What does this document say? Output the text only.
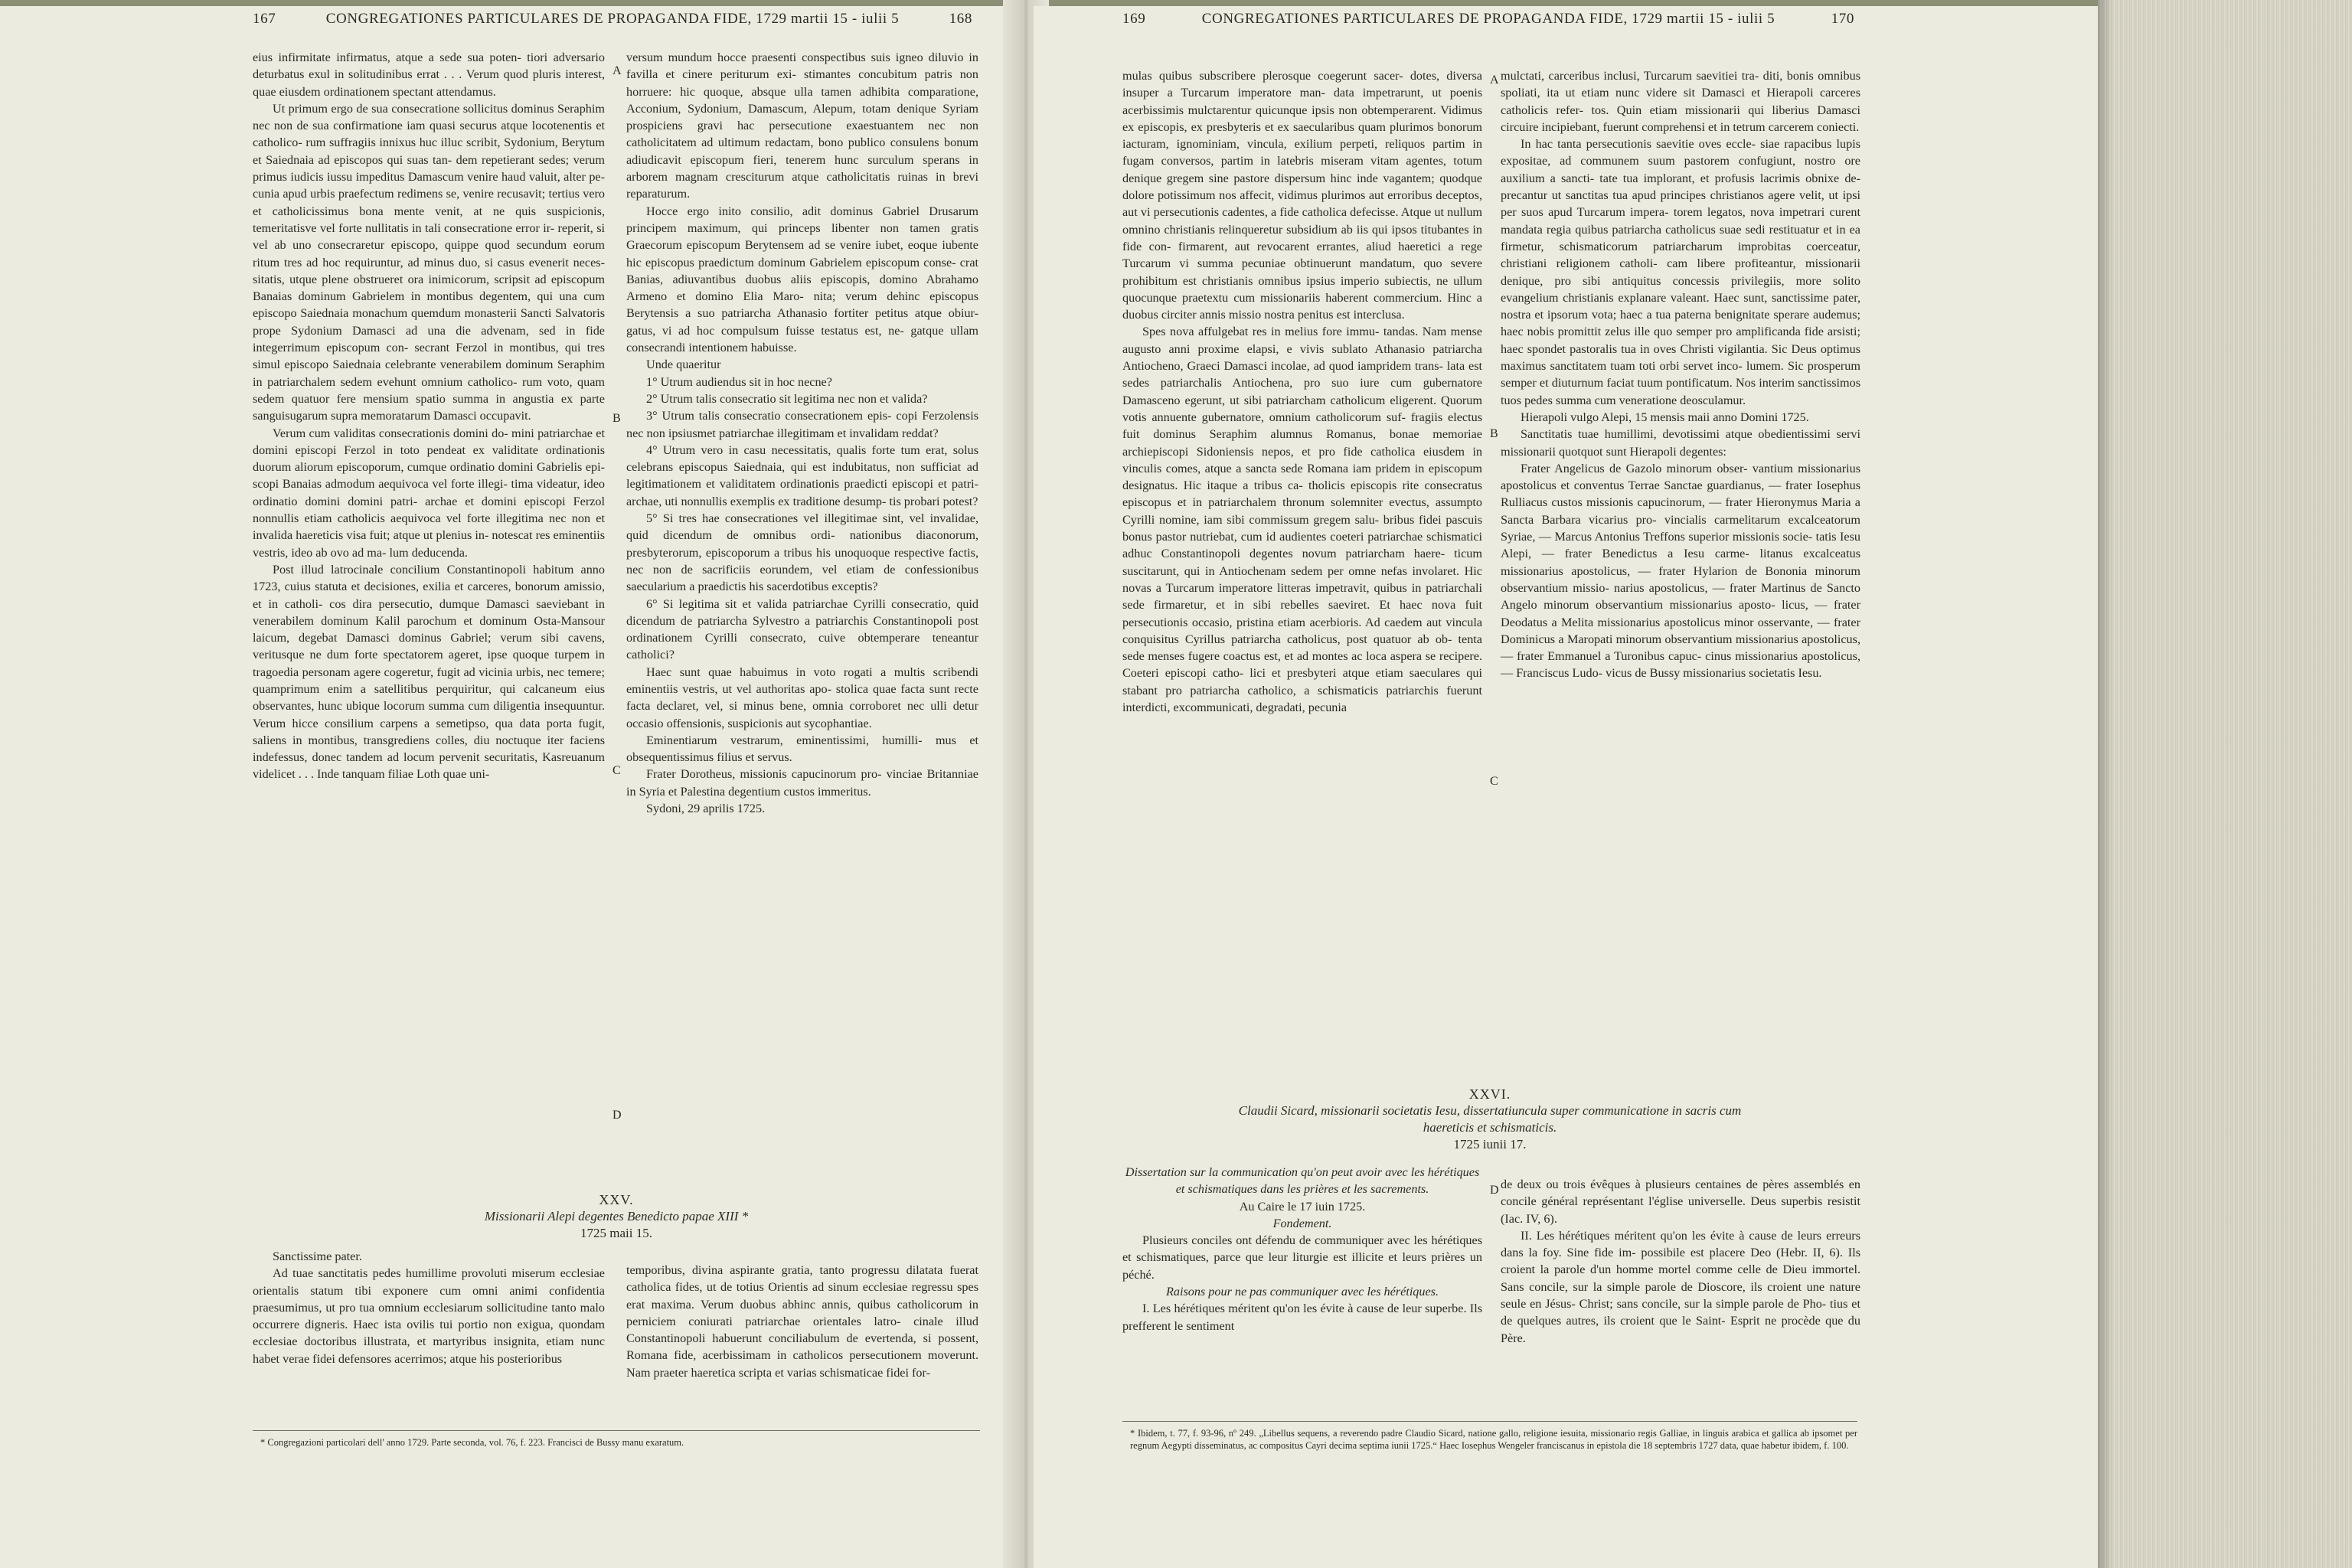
167	CONGREGATIONES PARTICULARES DE PROPAGANDA FIDE, 1729 martii 15 - iulii 5	168

eius infirmitate infirmatus, atque a sede sua poten- tiori adversario deturbatus exul in solitudinibus errat . . . Verum quod pluris interest, quae eiusdem ordinationem spectant attendamus.

Ut primum ergo de sua consecratione sollicitus dominus Seraphim nec non de sua confirmatione iam quasi securus atque locotenentis et catholico- rum suffragiis innixus huc illuc scribit, Sydonium, Berytum et Saiednaia ad episcopos qui suas tan- dem repetierant sedes; verum primus iudicis iussu impeditus Damascum venire haud valuit, alter pe- cunia apud urbis praefectum redimens se, venire recusavit; tertius vero et catholicissimus bona mente venit, at ne quis suspicionis, temeritatisve vel forte nullitatis in tali consecratione error ir- reperit, si vel ab uno consecraretur episcopo, quippe quod secundum eorum ritum tres ad hoc requiruntur, ad minus duo, si casus evenerit neces- sitatis, utque plene obstrueret ora inimicorum, scripsit ad episcopum Banaias dominum Gabrielem in montibus degentem, qui una cum episcopo Saiednaia monachum quemdum monasterii Sancti Salvatoris prope Sydonium Damasci ad una die advenam, sed in fide integerrimum episcopum con- secrant Ferzol in montibus, qui tres simul episcopo Saiednaia celebrante venerabilem dominum Seraphim in patriarchalem sedem evehunt omnium catholico- rum voto, quam sedem quatuor fere mensium spatio summa in angustia ex parte sanguisugarum supra memoratarum Damasci occupavit.

Verum cum validitas consecrationis domini do- mini patriarchae et domini episcopi Ferzol in toto pendeat ex validitate ordinationis duorum aliorum episcoporum, cumque ordinatio domini Gabrielis epi- scopi Banaias admodum aequivoca vel forte illegi- tima videatur, ideo ordinatio domini domini patri- archae et domini episcopi Ferzol nonnullis etiam catholicis aequivoca vel forte illegitima nec non et invalida haereticis visa fuit; atque ut plenius in- notescat res eminentiis vestris, ideo ab ovo ad ma- lum deducenda.

Post illud latrocinale concilium Constantinopoli habitum anno 1723, cuius statuta et decisiones, exilia et carceres, bonorum amissio, et in catholi- cos dira persecutio, dumque Damasci saeviebant in venerabilem dominum Kalil parochum et dominum Osta-Mansour laicum, degebat Damasci dominus Gabriel; verum sibi cavens, veritusque ne dum forte spectatorem ageret, ipse quoque turpem in tragoedia personam agere cogeretur, fugit ad vicinia urbis, nec temere; quamprimum enim a satellitibus perquiritur, qui calcaneum eius observantes, hunc ubique locorum summa cum diligentia insequuntur. Verum hicce consilium carpens a semetipso, qua data porta fugit, saliens in montibus, transgrediens colles, diu noctuque iter faciens indefessus, donec tandem ad locum pervenit securitatis, Kasreuanum videlicet . . . Inde tanquam filiae Loth quae uni-

A
B
C
D

versum mundum hocce praesenti conspectibus suis igneo diluvio in favilla et cinere periturum exi- stimantes concubitum patris non horruere: hic quoque, absque ulla tamen adhibita comparatione, Acconium, Sydonium, Damascum, Alepum, totam denique Syriam prospiciens gravi hac persecutione exaestuantem nec non catholicitatem ad ultimum redactam, bono publico consulens bonum adiudicavit episcopum fieri, tenerem hunc surculum sperans in arborem magnam cresciturum atque catholicitatis ruinas in brevi reparaturum.

Hocce ergo inito consilio, adit dominus Gabriel Drusarum principem maximum, qui princeps libenter non tamen gratis Graecorum episcopum Berytensem ad se venire iubet, eoque iubente hic episcopus praedictum dominum Gabrielem episcopum conse- crat Banias, adiuvantibus duobus aliis episcopis, domino Abrahamo Armeno et domino Elia Maro- nita; verum dehinc episcopus Berytensis a suo patriarcha Athanasio fortiter petitus atque obiur- gatus, vi ad hoc compulsum fuisse testatus est, ne- gatque ullam consecrandi intentionem habuisse.

Unde quaeritur

1° Utrum audiendus sit in hoc necne?

2° Utrum talis consecratio sit legitima nec non et valida?

3° Utrum talis consecratio consecrationem epis- copi Ferzolensis nec non ipsiusmet patriarchae illegitimam et invalidam reddat?

4° Utrum vero in casu necessitatis, qualis forte tum erat, solus celebrans episcopus Saiednaia, qui est indubitatus, non sufficiat ad legitimationem et validitatem ordinationis praedicti episcopi et patri- archae, uti nonnullis exemplis ex traditione desump- tis probari potest?

5° Si tres hae consecrationes vel illegitimae sint, vel invalidae, quid dicendum de omnibus ordi- nationibus diaconorum, presbyterorum, episcoporum a tribus his unoquoque respective factis, nec non de sacrificiis eorundem, vel etiam de confessionibus saecularium a praedictis his sacerdotibus exceptis?

6° Si legitima sit et valida patriarchae Cyrilli consecratio, quid dicendum de patriarcha Sylvestro a patriarchis Constantinopoli post ordinationem Cyrilli consecrato, cuive obtemperare teneantur catholici?

Haec sunt quae habuimus in voto rogati a multis scribendi eminentiis vestris, ut vel authoritas apo- stolica quae facta sunt recte facta declaret, vel, si minus bene, omnia corroboret nec ulli detur occasio offensionis, suspicionis aut sycophantiae.

Eminentiarum vestrarum, eminentissimi, humilli- mus et obsequentissimus filius et servus.

Frater Dorotheus, missionis capucinorum pro- vinciae Britanniae in Syria et Palestina degentium custos immeritus.

Sydoni, 29 aprilis 1725.

XXV.
Missionarii Alepi degentes Benedicto papae XIII *
1725 maii 15.

Sanctissime pater.

Ad tuae sanctitatis pedes humillime provoluti miserum ecclesiae orientalis statum tibi exponere cum omni animi confidentia praesumimus, ut pro tua omnium ecclesiarum sollicitudine tanto malo occurrere digneris. Haec ista ovilis tui portio non exigua, quondam ecclesiae doctoribus illustrata, et martyribus insignita, etiam nunc habet verae fidei defensores acerrimos; atque his posterioribus

temporibus, divina aspirante gratia, tanto progressu dilatata fuerat catholica fides, ut de totius Orientis ad sinum ecclesiae regressu spes erat maxima. Verum duobus abhinc annis, quibus catholicorum in perniciem coniurati patriarchae orientales latro- cinale illud Constantinopoli habuerunt conciliabulum de evertenda, si possent, Romana fide, acerbissimam in catholicos persecutionem moverunt. Nam praeter haeretica scripta et varias schismaticae fidei for-

* Congregazioni particolari dell' anno 1729. Parte seconda, vol. 76, f. 223. Francisci de Bussy manu exaratum.
169	CONGREGATIONES PARTICULARES DE PROPAGANDA FIDE, 1729 martii 15 - iulii 5	170

mulas quibus subscribere plerosque coegerunt sacer- dotes, diversa insuper a Turcarum imperatore man- data impetrarunt, ut poenis acerbissimis mulctarentur quicunque ipsis non obtemperarent. Vidimus ex episcopis, ex presbyteris et ex saecularibus quam plurimos bonorum iacturam, ignominiam, vincula, exilium perpeti, reliquos partim in fugam conversos, partim in latebris miseram vitam agentes, totum denique gregem sine pastore dispersum hinc inde vagantem; quodque dolore potissimum nos affecit, vidimus plurimos aut erroribus deceptos, aut vi persecutionis cadentes, a fide catholica defecisse. Atque ut nullum omnino christianis relinqueretur subsidium ab iis qui ipsos titubantes in fide con- firmarent, aut revocarent errantes, aliud haeretici a rege Turcarum vi summa pecuniae obtinuerunt mandatum, quo severe prohibitum est christianis omnibus ipsius imperio subiectis, ne ullum quocunque praetextu cum missionariis haberent commercium. Hinc a duobus circiter annis missio nostra penitus est interclusa.

Spes nova affulgebat res in melius fore immu- tandas. Nam mense augusto anni proxime elapsi, e vivis sublato Athanasio patriarcha Antiocheno, Graeci Damasci incolae, ad quod iampridem trans- lata est sedes patriarchalis Antiochena, pro suo iure cum gubernatore Damasceno egerunt, ut sibi patriarcham catholicum eligerent. Quorum votis annuente gubernatore, omnium catholicorum suf- fragiis electus fuit dominus Seraphim alumnus Romanus, bonae memoriae archiepiscopi Sidoniensis nepos, et pro fide catholica eiusdem in vinculis comes, atque a sancta sede Romana iam pridem in episcopum designatus. Hic itaque a tribus ca- tholicis episcopis rite consecratus episcopus et in patriarchalem thronum solemniter evectus, assumpto Cyrilli nomine, iam sibi commissum gregem salu- bribus fidei pascuis bonus pastor nutriebat, cum id audientes coeteri patriarchae schismatici adhuc Constantinopoli degentes novum patriarcham haere- ticum suscitarunt, qui in Antiochenam sedem per omne nefas involaret. Hic novas a Turcarum imperatore litteras impetravit, quibus in patriarchali sede firmaretur, et in sibi rebelles saeviret. Et haec nova fuit persecutionis occasio, pristina etiam acerbioris. Ad caedem aut vincula conquisitus Cyrillus patriarcha catholicus, post quatuor ab ob- tenta sede menses fugere coactus est, et ad montes ac loca aspera se recipere. Coeteri episcopi catho- lici et presbyteri atque etiam saeculares qui stabant pro patriarcha catholico, a schismaticis patriarchis fuerunt interdicti, excommunicati, degradati, pecunia

A
B
C
D

mulctati, carceribus inclusi, Turcarum saevitiei tra- diti, bonis omnibus spoliati, ita ut etiam nunc videre sit Damasci et Hierapoli carceres catholicis refer- tos. Quin etiam missionarii qui liberius Damasci circuire incipiebant, fuerunt comprehensi et in tetrum carcerem coniecti.

In hac tanta persecutionis saevitie oves eccle- siae rapacibus lupis expositae, ad communem suum pastorem confugiunt, nostro ore auxilium a sancti- tate tua implorant, et profusis lacrimis obnixe de- precantur ut sanctitas tua apud principes christianos agere velit, ut ipsi per suos apud Turcarum impera- torem legatos, nova impetrari curent mandata regia quibus patriarcha catholicus suae sedi restituatur et in ea firmetur, schismaticorum patriarcharum improbitas coerceatur, christiani religionem catholi- cam libere profiteantur, missionarii denique, pro sibi antiquitus concessis privilegiis, more solito evangelium christianis explanare valeant. Haec sunt, sanctissime pater, nostra et ipsorum vota; haec a tua paterna benignitate sperare audemus; haec nobis promittit zelus ille quo semper pro amplificanda fide arsisti; haec spondet pastoralis tua in oves Christi vigilantia. Sic Deus optimus maximus sanctitatem tuam toti orbi servet inco- lumem. Sic prosperum semper et diuturnum faciat tuum pontificatum. Nos interim sanctissimos tuos pedes summa cum veneratione deosculamur.

Hierapoli vulgo Alepi, 15 mensis maii anno Domini 1725.

Sanctitatis tuae humillimi, devotissimi atque obedientissimi servi missionarii quotquot sunt Hierapoli degentes:

Frater Angelicus de Gazolo minorum obser- vantium missionarius apostolicus et conventus Terrae Sanctae guardianus, — frater Iosephus Rulliacus custos missionis capucinorum, — frater Hieronymus Maria a Sancta Barbara vicarius pro- vincialis carmelitarum excalceatorum Syriae, — Marcus Antonius Treffons superior missionis socie- tatis Iesu Alepi, — frater Benedictus a Iesu carme- litanus excalceatus missionarius apostolicus, — frater Hylarion de Bononia minorum observantium missio- narius apostolicus, — frater Martinus de Sancto Angelo minorum observantium missionarius aposto- licus, — frater Deodatus a Melita missionarius apostolicus minor osservante, — frater Dominicus a Maropati minorum observantium missionarius apostolicus, — frater Emmanuel a Turonibus capuc- cinus missionarius apostolicus, — Franciscus Ludo- vicus de Bussy missionarius societatis Iesu.

XXVI.
Claudii Sicard, missionarii societatis Iesu, dissertatiuncula super communicatione in sacris cum
haereticis et schismaticis.
1725 iunii 17.

Dissertation sur la communication qu'on peut avoir avec les hérétiques et schismatiques dans les prières et les sacrements.

Au Caire le 17 iuin 1725.

Fondement.

Plusieurs conciles ont défendu de communiquer avec les hérétiques et schismatiques, parce que leur liturgie est illicite et leurs prières un péché.

Raisons pour ne pas communiquer avec les hérétiques.

I. Les hérétiques méritent qu'on les évite à cause de leur superbe. Ils prefferent le sentiment

de deux ou trois évêques à plusieurs centaines de pères assemblés en concile général représentant l'église universelle. Deus superbis resistit (Iac. IV, 6).

II. Les hérétiques méritent qu'on les évite à cause de leurs erreurs dans la foy. Sine fide im- possibile est placere Deo (Hebr. II, 6). Ils croient la parole d'un homme mortel comme celle de Dieu immortel. Sans concile, sur la simple parole de Dioscore, ils croient une nature seule en Jésus- Christ; sans concile, sur la simple parole de Pho- tius et de quelques autres, ils croient que le Saint- Esprit ne procède que du Père.

* Ibidem, t. 77, f. 93-96, nº 249. „Libellus sequens, a reverendo padre Claudio Sicard, natione gallo, religione iesuita, missionario regis Galliae, in linguis arabica et gallica ab ipsomet per regnum Aegypti disseminatus, ac compositus Cayri decima septima iunii 1725.“ Haec Iosephus Wengeler franciscanus in epistola die 18 septembris 1727 data, quae habetur ibidem, f. 100.
